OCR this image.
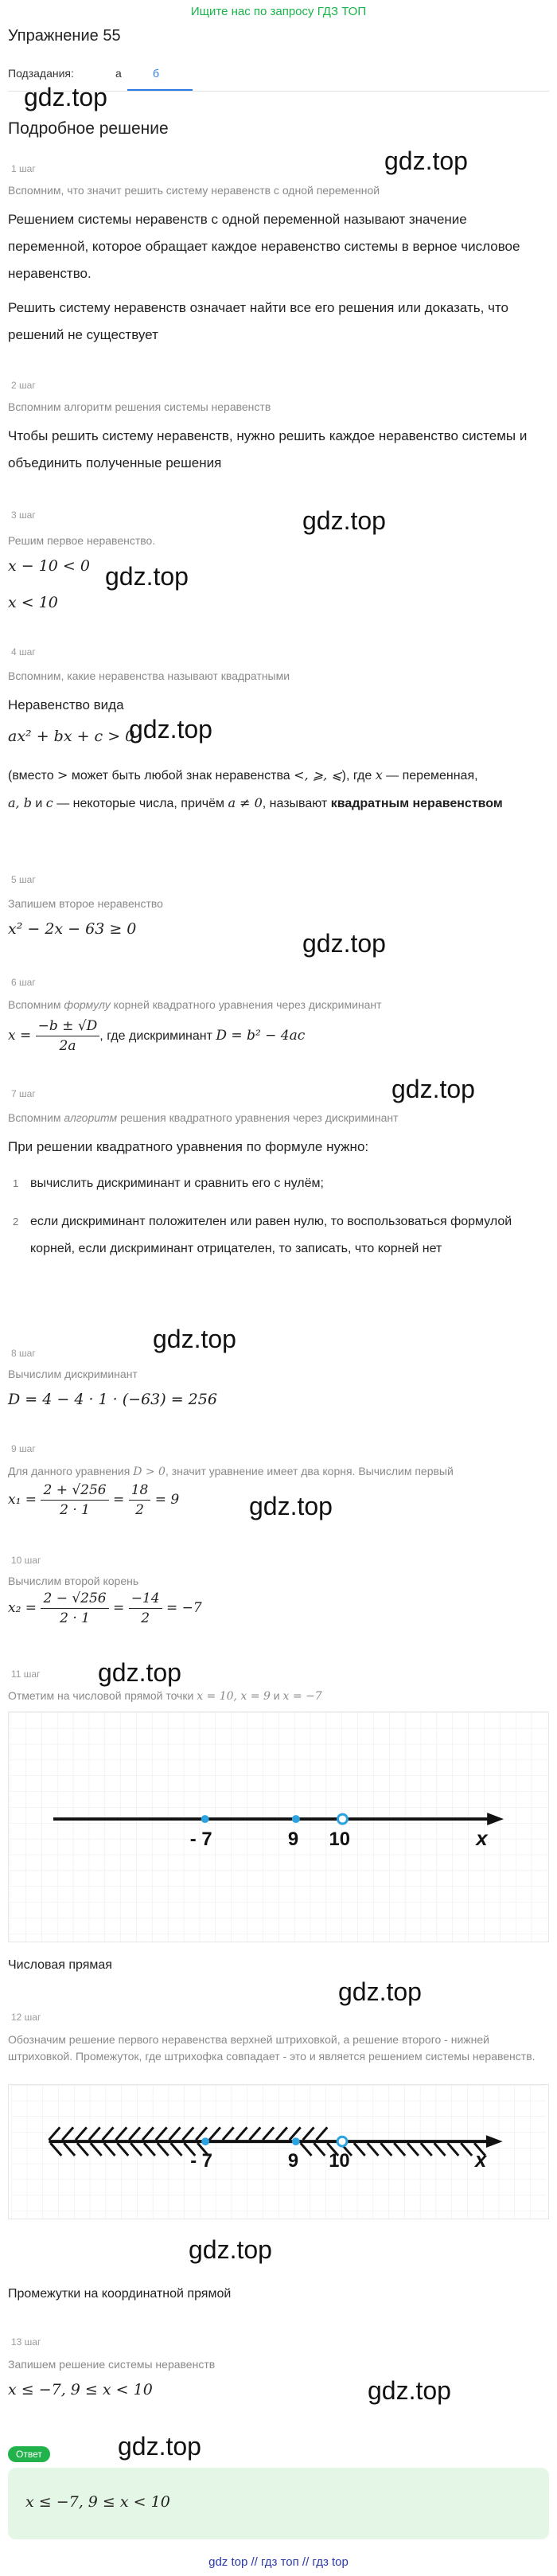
Ищите нас по запросу ГДЗ ТОП
Упражнение 55
Подзадания:	а	б
gdz.top
Подробное решение
1 шаг	gdz.top
Вспомним, что значит решить систему неравенств с одной переменной
Решением системы неравенств с одной переменной называют значение переменной, которое обращает каждое неравенство системы в верное числовое неравенство.
Решить систему неравенств означает найти все его решения или доказать, что решений не существует
2 шаг
Вспомним алгоритм решения системы неравенств
Чтобы решить систему неравенств, нужно решить каждое неравенство системы и объединить полученные решения
3 шаг	gdz.top
Решим первое неравенство.
x − 10 < 0 gdz.top
x < 10
4 шаг
Вспомним, какие неравенства называют квадратными
Неравенство вида
ax² + bx + c > 0
gdz.top
(вместо > может быть любой знак неравенства <, ⩾, ⩽), где x — переменная,
a, b и c — некоторые числа, причём a ≠ 0, называют квадратным неравенством
5 шаг
Запишем второе неравенство
x² − 2x − 63 ≥ 0	gdz.top
6 шаг
Вспомним формулу корней квадратного уравнения через дискриминант
$x = \frac{-b \pm √D}{2a}$ , где дискриминант D = b² − 4ac
7 шаг	gdz.top
Вспомним алгоритм решения квадратного уравнения через дискриминант
При решении квадратного уравнения по формуле нужно:
1 вычислить дискриминант и сравнить его с нулём;
2 если дискриминант положителен или равен нулю, то воспользоваться формулой корней, если дискриминант отрицателен, то записать, что корней нет
gdz.top
8 шаг
Вычислим дискриминант
D = 4 − 4 · 1 · (−63) = 256
9 шаг
Для данного уравнения D > 0, значит уравнение имеет два корня. Вычислим первый
$x_1 = \frac{2 + √256}{2 \cdot 1} = \frac{18}{2} = 9$	gdz.top
10 шаг
Вычислим второй корень
$x_2 = \frac{2 - √256}{2 \cdot 1} = \frac{-14}{2} = -7$
gdz.top
11 шаг
Отметим на числовой прямой точки x = 10, x = 9 и x = −7
- 7	9 10	x
Числовая прямая
gdz.top
12 шаг
Обозначим решение первого неравенства верхней штриховкой, а решение второго - нижней штриховкой. Промежуток, где штрихофка совпадает - это и является решением системы неравенств.
- 7	9 10	x
gdz.top
Промежутки на координатной прямой
13 шаг
Запишем решение системы неравенств
x ≤ −7, 9 ≤ x < 10	gdz.top
gdz.top
Ответ
x ≤ −7, 9 ≤ x < 10
gdz top // гдз топ // гдз top
